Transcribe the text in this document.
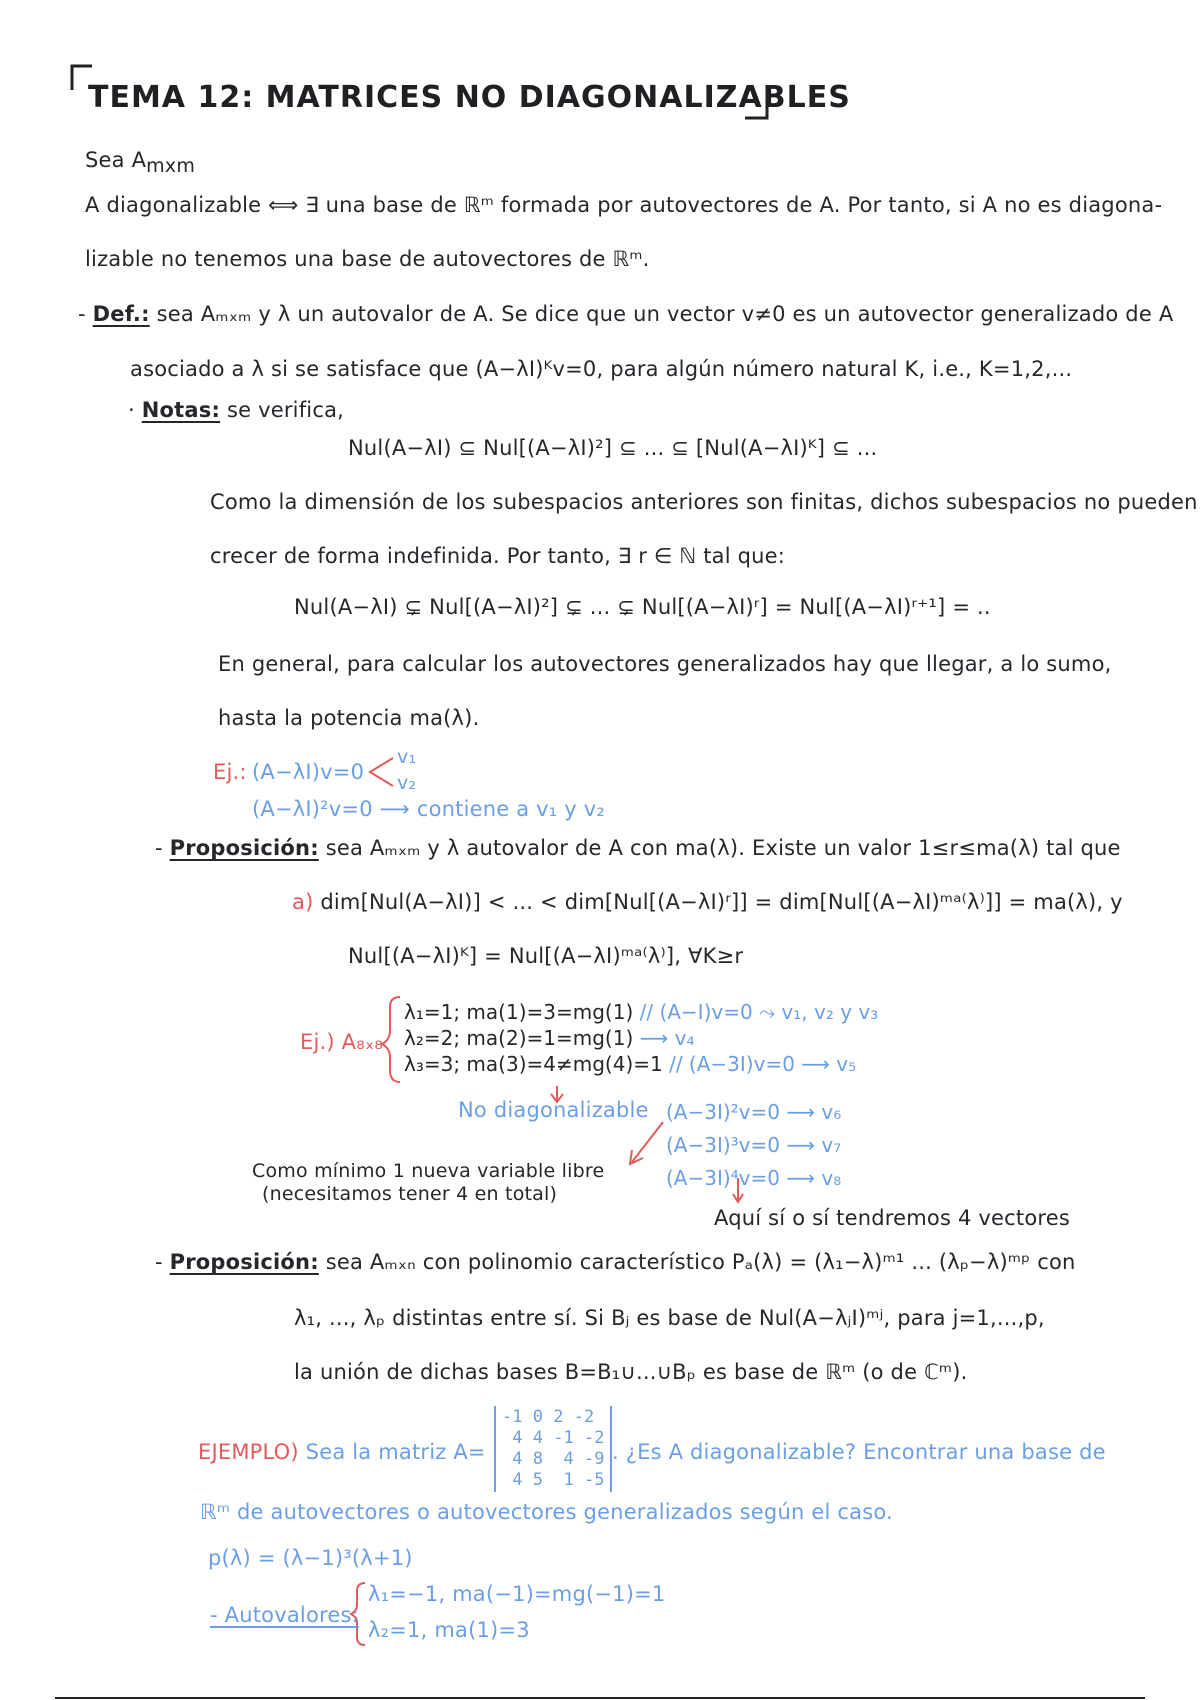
TEMA 12: MATRICES NO DIAGONALIZABLES
Sea $A_{mxm}$
A diagonalizable ⟺ ∃ una base de ℝᵐ formada por autovectores de A. Por tanto, si A no es diagona-
lizable no tenemos una base de autovectores de ℝᵐ.
- Def.: sea Aₘₓₘ y λ un autovalor de A. Se dice que un vector v≠0 es un autovector generalizado de A
asociado a λ si se satisface que (A−λI)ᴷv=0, para algún número natural K, i.e., K=1,2,...
· Notas: se verifica,
Nul(A−λI) ⊆ Nul[(A−λI)²] ⊆ ... ⊆ [Nul(A−λI)ᴷ] ⊆ ...
Como la dimensión de los subespacios anteriores son finitas, dichos subespacios no pueden
crecer de forma indefinida. Por tanto, ∃ r ∈ ℕ tal que:
Nul(A−λI) ⊊ Nul[(A−λI)²] ⊊ ... ⊊ Nul[(A−λI)ʳ] = Nul[(A−λI)ʳ⁺¹] = ..
En general, para calcular los autovectores generalizados hay que llegar, a lo sumo,
hasta la potencia ma(λ).
Ej.: (A−λI)v=0
v₁
v₂
(A−λI)²v=0 ⟶ contiene a v₁ y v₂
- Proposición: sea Aₘₓₘ y λ autovalor de A con ma(λ). Existe un valor 1≤r≤ma(λ) tal que
a) dim[Nul(A−λI)] < ... < dim[Nul[(A−λI)ʳ]] = dim[Nul[(A−λI)ᵐᵃ⁽λ⁾]] = ma(λ), y
Nul[(A−λI)ᴷ] = Nul[(A−λI)ᵐᵃ⁽λ⁾], ∀K≥r
Ej.) A₈ₓ₈
λ₁=1; ma(1)=3=mg(1) // (A−I)v=0 ⤳ v₁, v₂ y v₃
λ₂=2; ma(2)=1=mg(1) ⟶ v₄
λ₃=3; ma(3)=4≠mg(4)=1 // (A−3I)v=0 ⟶ v₅
No diagonalizable (A−3I)²v=0 ⟶ v₆
(A−3I)³v=0 ⟶ v₇
(A−3I)⁴v=0 ⟶ v₈
Como mínimo 1 nueva variable libre
(necesitamos tener 4 en total)
Aquí sí o sí tendremos 4 vectores
- Proposición: sea Aₘₓₙ con polinomio característico Pₐ(λ) = (λ₁−λ)ᵐ¹ ... (λₚ−λ)ᵐᵖ con
λ₁, ..., λₚ distintas entre sí. Si Bⱼ es base de Nul(A−λⱼI)ᵐʲ, para j=1,...,p,
la unión de dichas bases B=B₁∪...∪Bₚ es base de ℝᵐ (o de ℂᵐ).
EJEMPLO) Sea la matriz A=
-1 0 2 -2
4 4 -1 -2
4 8 4 -9
4 5 1 -5
. ¿Es A diagonalizable? Encontrar una base de
ℝᵐ de autovectores o autovectores generalizados según el caso.
p(λ) = (λ−1)³(λ+1)
- Autovalores:
λ₁=−1, ma(−1)=mg(−1)=1
λ₂=1, ma(1)=3
